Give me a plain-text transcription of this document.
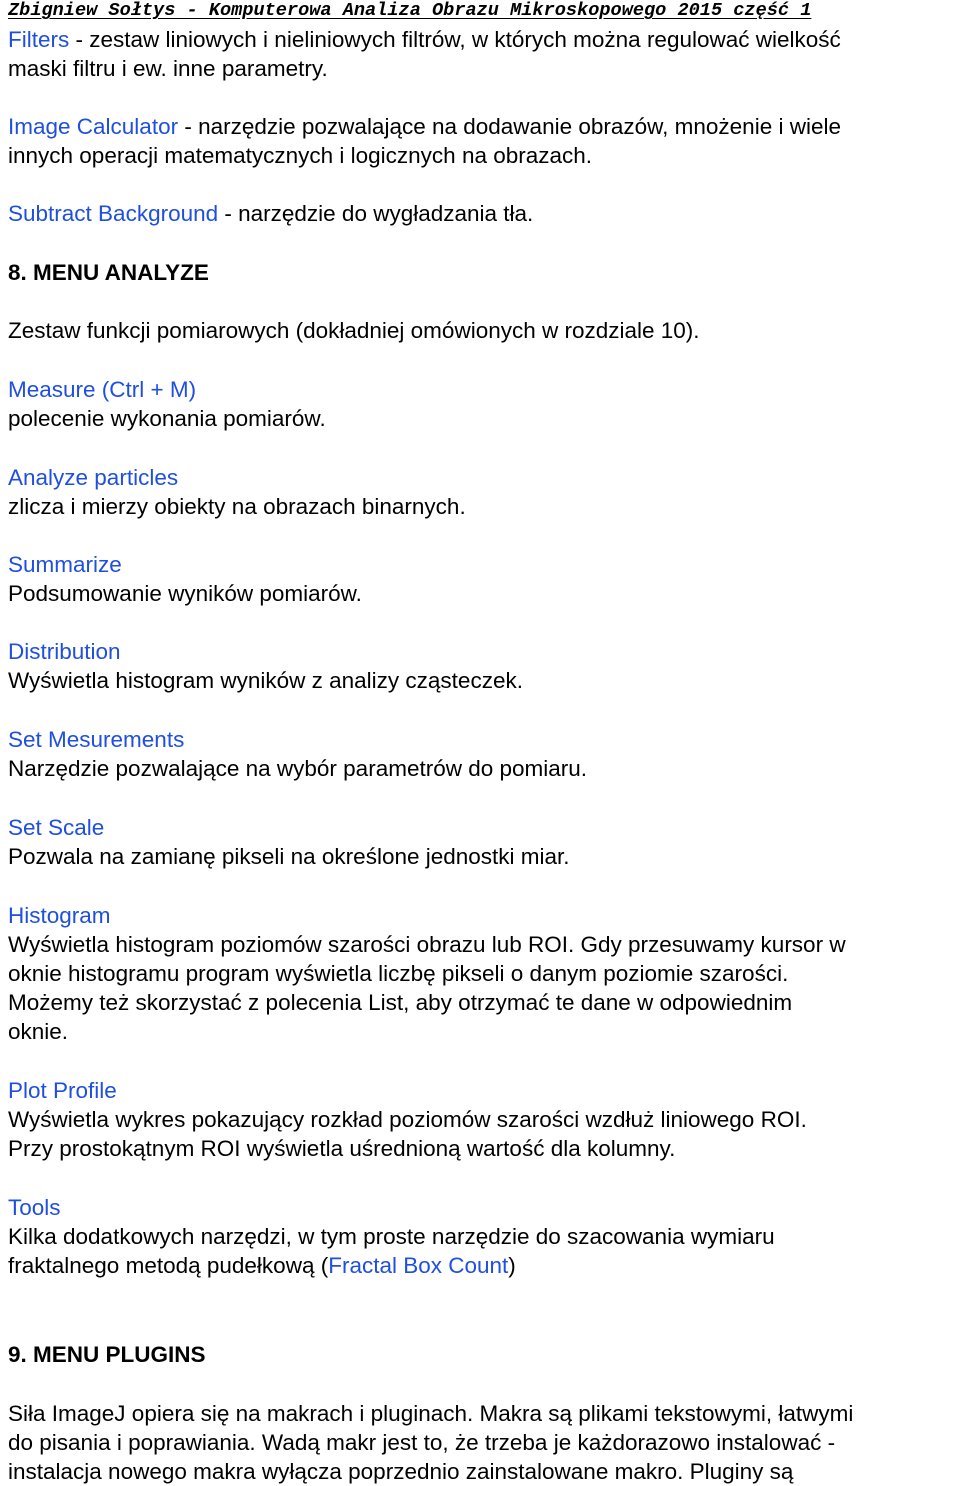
Zbigniew Sołtys - Komputerowa Analiza Obrazu Mikroskopowego 2015 część 1
Filters - zestaw liniowych i nieliniowych filtrów, w których można regulować wielkość
maski filtru i ew. inne parametry.
Image Calculator - narzędzie pozwalające na dodawanie obrazów, mnożenie i wiele
innych operacji matematycznych i logicznych na obrazach.
Subtract Background - narzędzie do wygładzania tła.
8. MENU ANALYZE
Zestaw funkcji pomiarowych (dokładniej omówionych w rozdziale 10).
Measure (Ctrl + M)
polecenie wykonania pomiarów.
Analyze particles
zlicza i mierzy obiekty na obrazach binarnych.
Summarize
Podsumowanie wyników pomiarów.
Distribution
Wyświetla histogram wyników z analizy cząsteczek.
Set Mesurements
Narzędzie pozwalające na wybór parametrów do pomiaru.
Set Scale
Pozwala na zamianę pikseli na określone jednostki miar.
Histogram
Wyświetla histogram poziomów szarości obrazu lub ROI. Gdy przesuwamy kursor w
oknie histogramu program wyświetla liczbę pikseli o danym poziomie szarości.
Możemy też skorzystać z polecenia List, aby otrzymać te dane w odpowiednim
oknie.
Plot Profile
Wyświetla wykres pokazujący rozkład poziomów szarości wzdłuż liniowego ROI.
Przy prostokątnym ROI wyświetla uśrednioną wartość dla kolumny.
Tools
Kilka dodatkowych narzędzi, w tym proste narzędzie do szacowania wymiaru
fraktalnego metodą pudełkową (Fractal Box Count)
9. MENU PLUGINS
Siła ImageJ opiera się na makrach i pluginach. Makra są plikami tekstowymi, łatwymi
do pisania i poprawiania. Wadą makr jest to, że trzeba je każdorazowo instalować -
instalacja nowego makra wyłącza poprzednio zainstalowane makro. Pluginy są
